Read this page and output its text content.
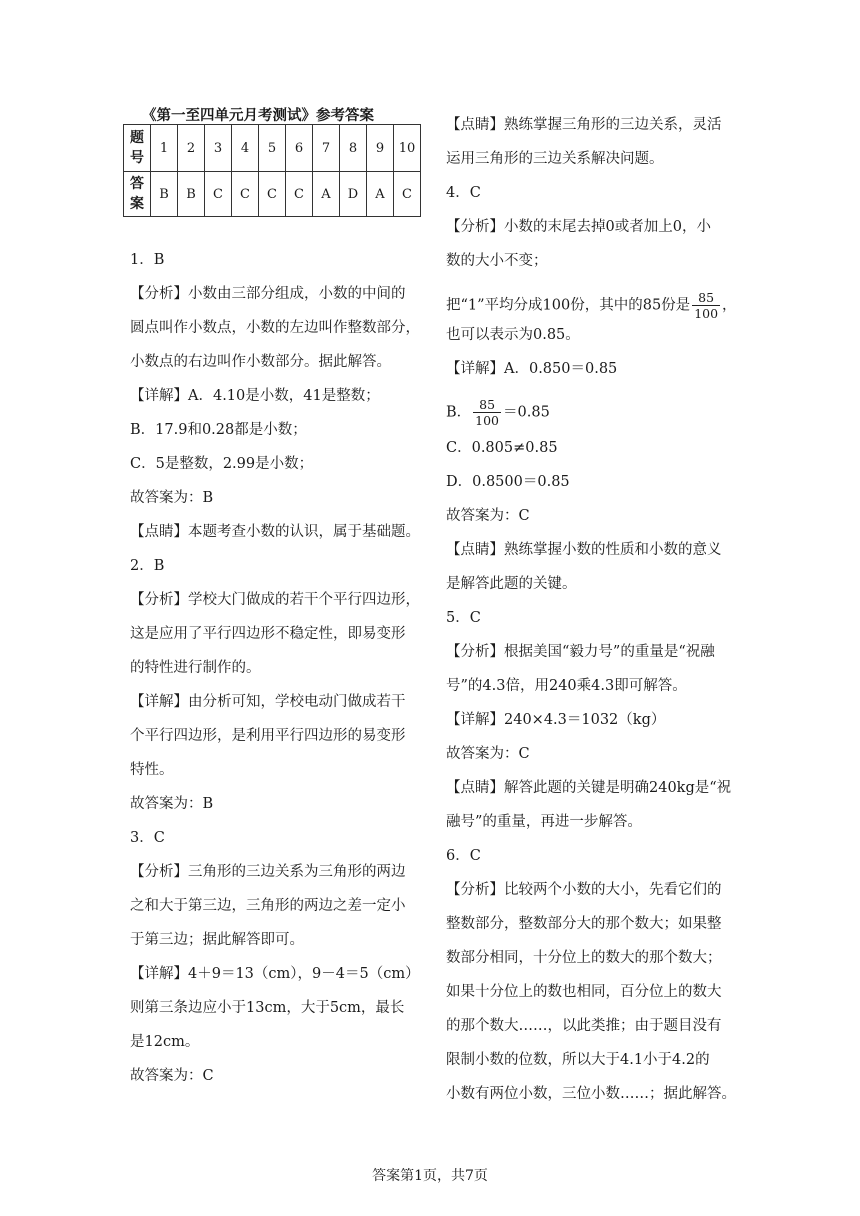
《第一至四单元月考测试》参考答案
题号	1	2	3	4	5	6	7	8	9	10
答案	B	B	C	C	C	C	A	D	A	C
1．B
【分析】小数由三部分组成，小数的中间的
圆点叫作小数点，小数的左边叫作整数部分，
小数点的右边叫作小数部分。据此解答。
【详解】A．4.10是小数，41是整数；
B．17.9和0.28都是小数；
C．5是整数，2.99是小数；
故答案为：B
【点睛】本题考查小数的认识，属于基础题。
2．B
【分析】学校大门做成的若干个平行四边形，
这是应用了平行四边形不稳定性，即易变形
的特性进行制作的。
【详解】由分析可知，学校电动门做成若干
个平行四边形，是利用平行四边形的易变形
特性。
故答案为：B
3．C
【分析】三角形的三边关系为三角形的两边
之和大于第三边，三角形的两边之差一定小
于第三边；据此解答即可。
【详解】4＋9＝13（cm），9－4＝5（cm）
则第三条边应小于13cm，大于5cm，最长
是12cm。
故答案为：C
【点睛】熟练掌握三角形的三边关系，灵活
运用三角形的三边关系解决问题。
4．C
【分析】小数的末尾去掉0或者加上0，小
数的大小不变；
把“1”平均分成100份，其中的85份是 $\frac{85}{100}$ ，
也可以表示为0.85。
【详解】A．0.850＝0.85
B． $\frac{85}{100} =0.85$
C．0.805≠0.85
D．0.8500＝0.85
故答案为：C
【点睛】熟练掌握小数的性质和小数的意义
是解答此题的关键。
5．C
【分析】根据美国“毅力号”的重量是“祝融
号”的4.3倍，用240乘4.3即可解答。
【详解】240×4.3＝1032（kg）
故答案为：C
【点睛】解答此题的关键是明确240kg是“祝
融号”的重量，再进一步解答。
6．C
【分析】比较两个小数的大小，先看它们的
整数部分，整数部分大的那个数大；如果整
数部分相同，十分位上的数大的那个数大；
如果十分位上的数也相同，百分位上的数大
的那个数大……，以此类推；由于题目没有
限制小数的位数，所以大于4.1小于4.2的
小数有两位小数，三位小数……；据此解答。
答案第1页，共7页
